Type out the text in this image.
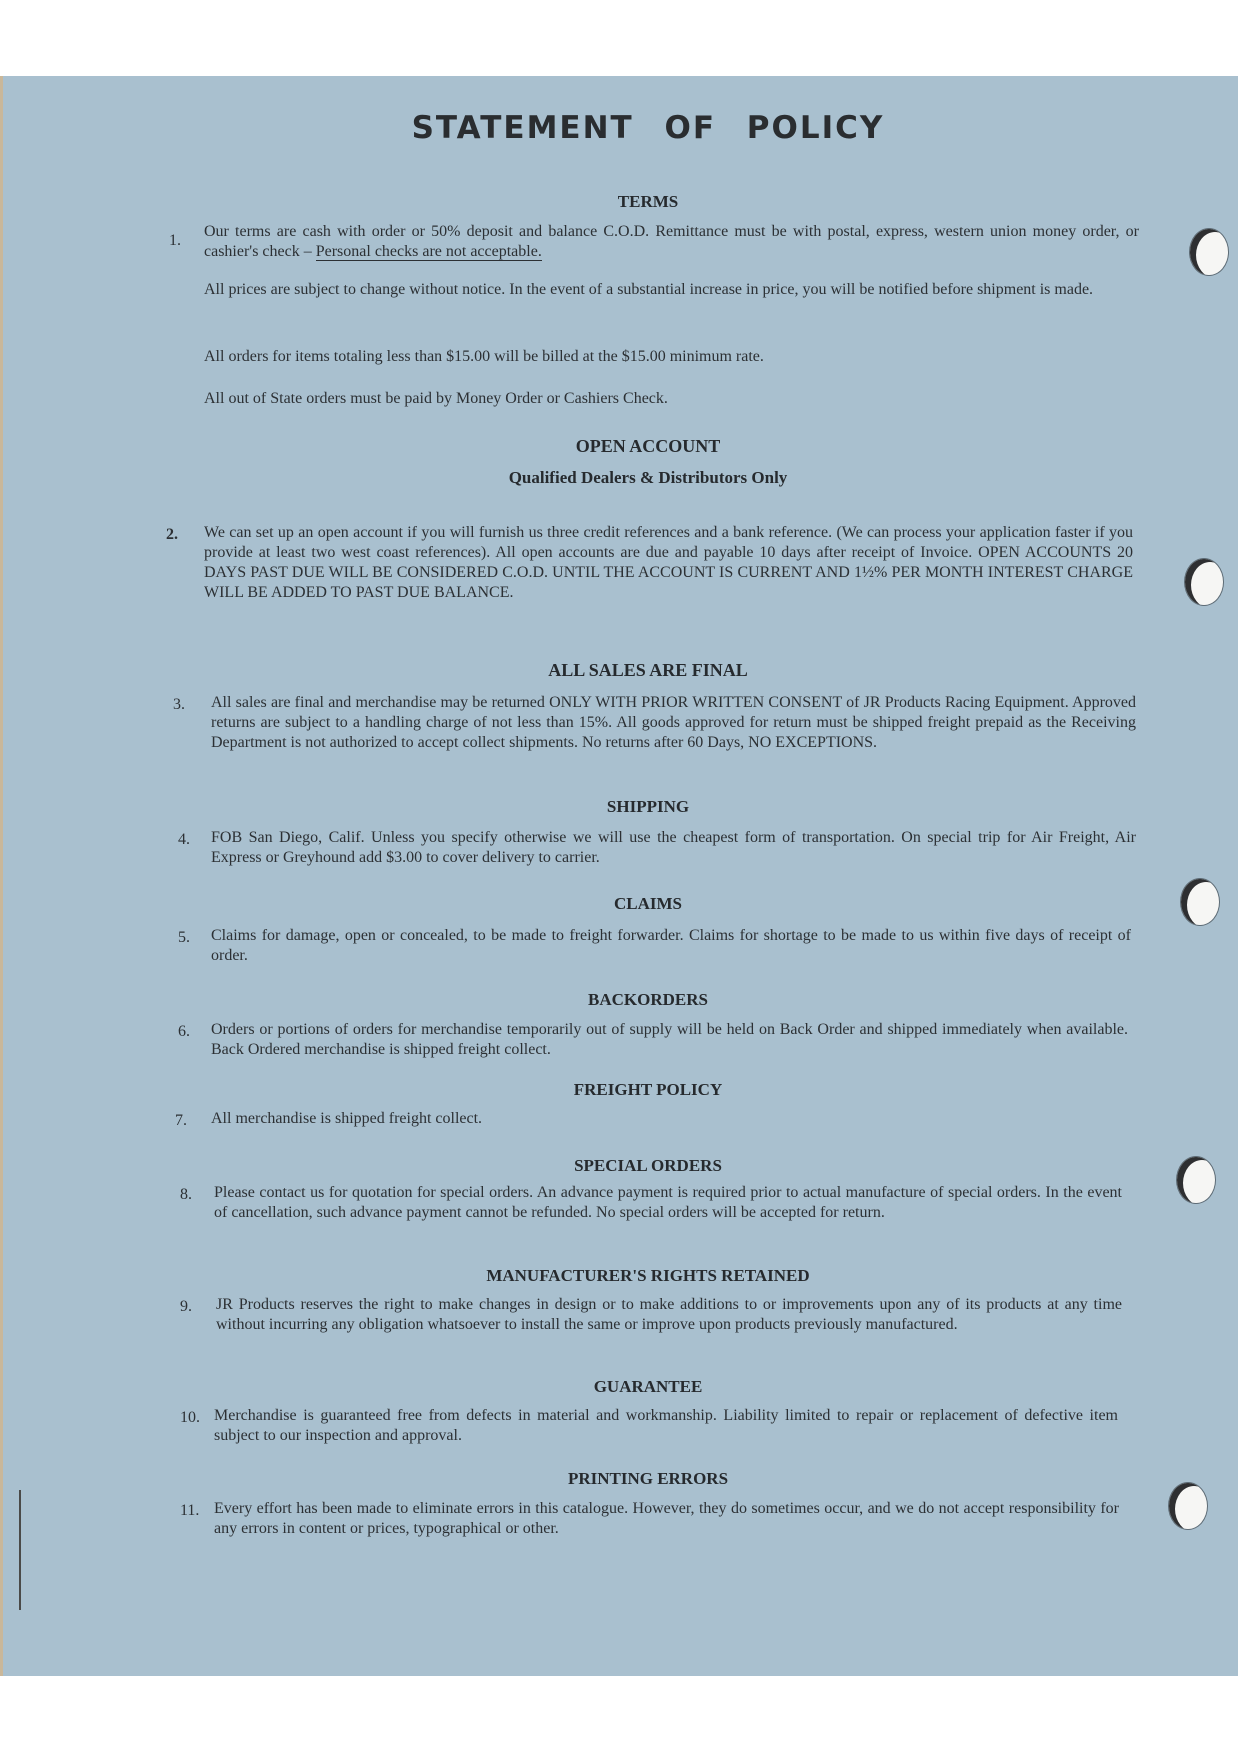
STATEMENT OF POLICY
TERMS
1.

Our terms are cash with order or 50% deposit and balance C.O.D. Remittance must be with postal, express, western union money order, or cashier's check – Personal checks are not acceptable.

All prices are subject to change without notice. In the event of a substantial increase in price, you will be notified before shipment is made.

All orders for items totaling less than $15.00 will be billed at the $15.00 minimum rate.

All out of State orders must be paid by Money Order or Cashiers Check.

OPEN ACCOUNT
Qualified Dealers & Distributors Only
2. We can set up an open account if you will furnish us three credit references and a bank reference. (We can process your application faster if you provide at least two west coast references). All open accounts are due and payable 10 days after receipt of Invoice. OPEN ACCOUNTS 20 DAYS PAST DUE WILL BE CONSIDERED C.O.D. UNTIL THE ACCOUNT IS CURRENT AND 1½% PER MONTH INTEREST CHARGE WILL BE ADDED TO PAST DUE BALANCE.

ALL SALES ARE FINAL
3. All sales are final and merchandise may be returned ONLY WITH PRIOR WRITTEN CONSENT of JR Products Racing Equipment. Approved returns are subject to a handling charge of not less than 15%. All goods approved for return must be shipped freight prepaid as the Receiving Department is not authorized to accept collect shipments. No returns after 60 Days, NO EXCEPTIONS.

SHIPPING
4. FOB San Diego, Calif. Unless you specify otherwise we will use the cheapest form of transportation. On special trip for Air Freight, Air Express or Greyhound add $3.00 to cover delivery to carrier.

CLAIMS
5. Claims for damage, open or concealed, to be made to freight forwarder. Claims for shortage to be made to us within five days of receipt of order.

BACKORDERS
6. Orders or portions of orders for merchandise temporarily out of supply will be held on Back Order and shipped immediately when available. Back Ordered merchandise is shipped freight collect.

FREIGHT POLICY
7. All merchandise is shipped freight collect.

SPECIAL ORDERS
8. Please contact us for quotation for special orders. An advance payment is required prior to actual manufacture of special orders. In the event of cancellation, such advance payment cannot be refunded. No special orders will be accepted for return.

MANUFACTURER'S RIGHTS RETAINED
9. JR Products reserves the right to make changes in design or to make additions to or improvements upon any of its products at any time without incurring any obligation whatsoever to install the same or improve upon products previously manufactured.

GUARANTEE
10. Merchandise is guaranteed free from defects in material and workmanship. Liability limited to repair or replacement of defective item subject to our inspection and approval.

PRINTING ERRORS
11. Every effort has been made to eliminate errors in this catalogue. However, they do sometimes occur, and we do not accept responsibility for any errors in content or prices, typographical or other.
